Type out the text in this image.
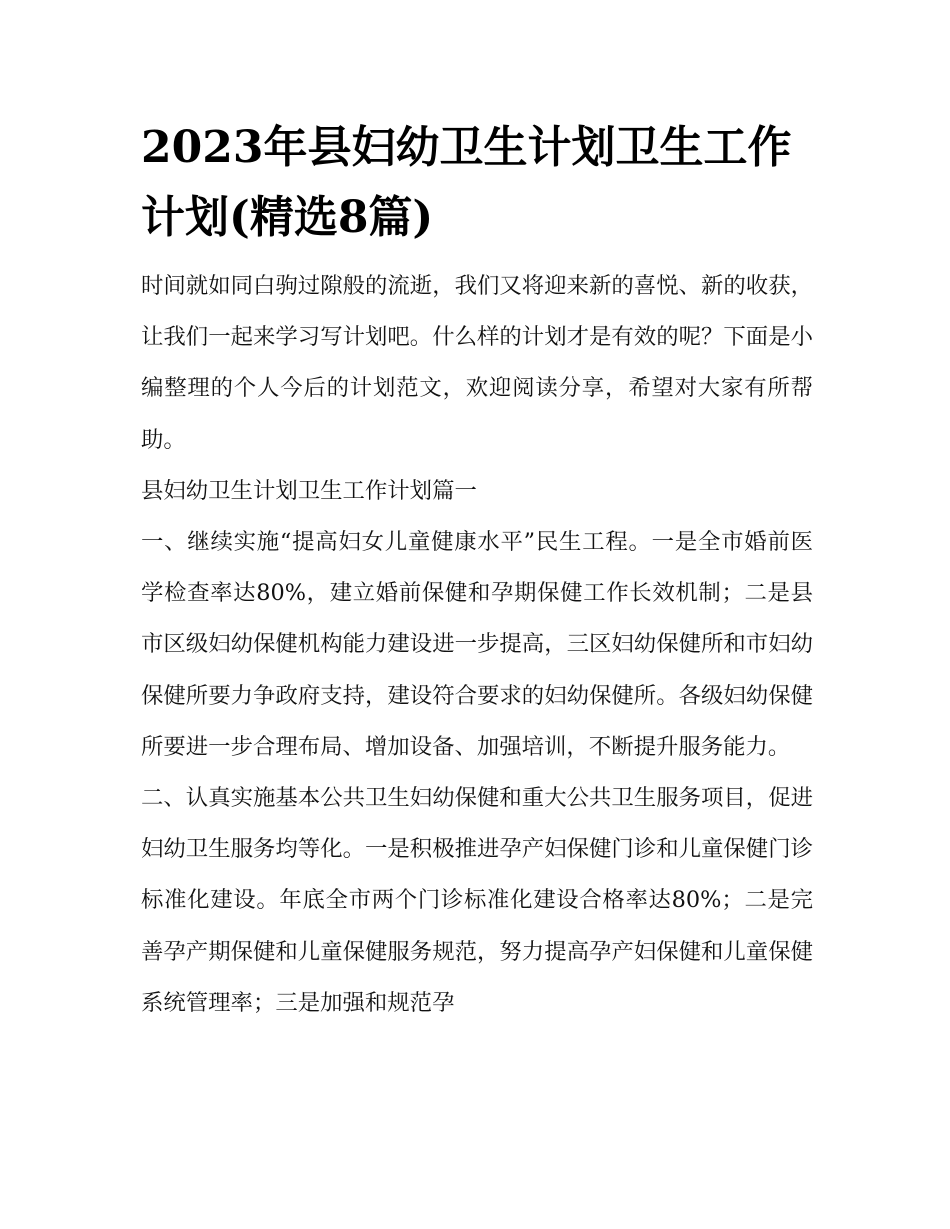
2023年县妇幼卫生计划卫生工作计划(精选8篇)

时间就如同白驹过隙般的流逝，我们又将迎来新的喜悦、新的收获，让我们一起来学习写计划吧。什么样的计划才是有效的呢？下面是小编整理的个人今后的计划范文，欢迎阅读分享，希望对大家有所帮助。

县妇幼卫生计划卫生工作计划篇一

一、继续实施“提高妇女儿童健康水平”民生工程。一是全市婚前医学检查率达80%，建立婚前保健和孕期保健工作长效机制；二是县市区级妇幼保健机构能力建设进一步提高，三区妇幼保健所和市妇幼保健所要力争政府支持，建设符合要求的妇幼保健所。各级妇幼保健所要进一步合理布局、增加设备、加强培训，不断提升服务能力。

二、认真实施基本公共卫生妇幼保健和重大公共卫生服务项目，促进妇幼卫生服务均等化。一是积极推进孕产妇保健门诊和儿童保健门诊标准化建设。年底全市两个门诊标准化建设合格率达80%；二是完善孕产期保健和儿童保健服务规范，努力提高孕产妇保健和儿童保健系统管理率；三是加强和规范孕
